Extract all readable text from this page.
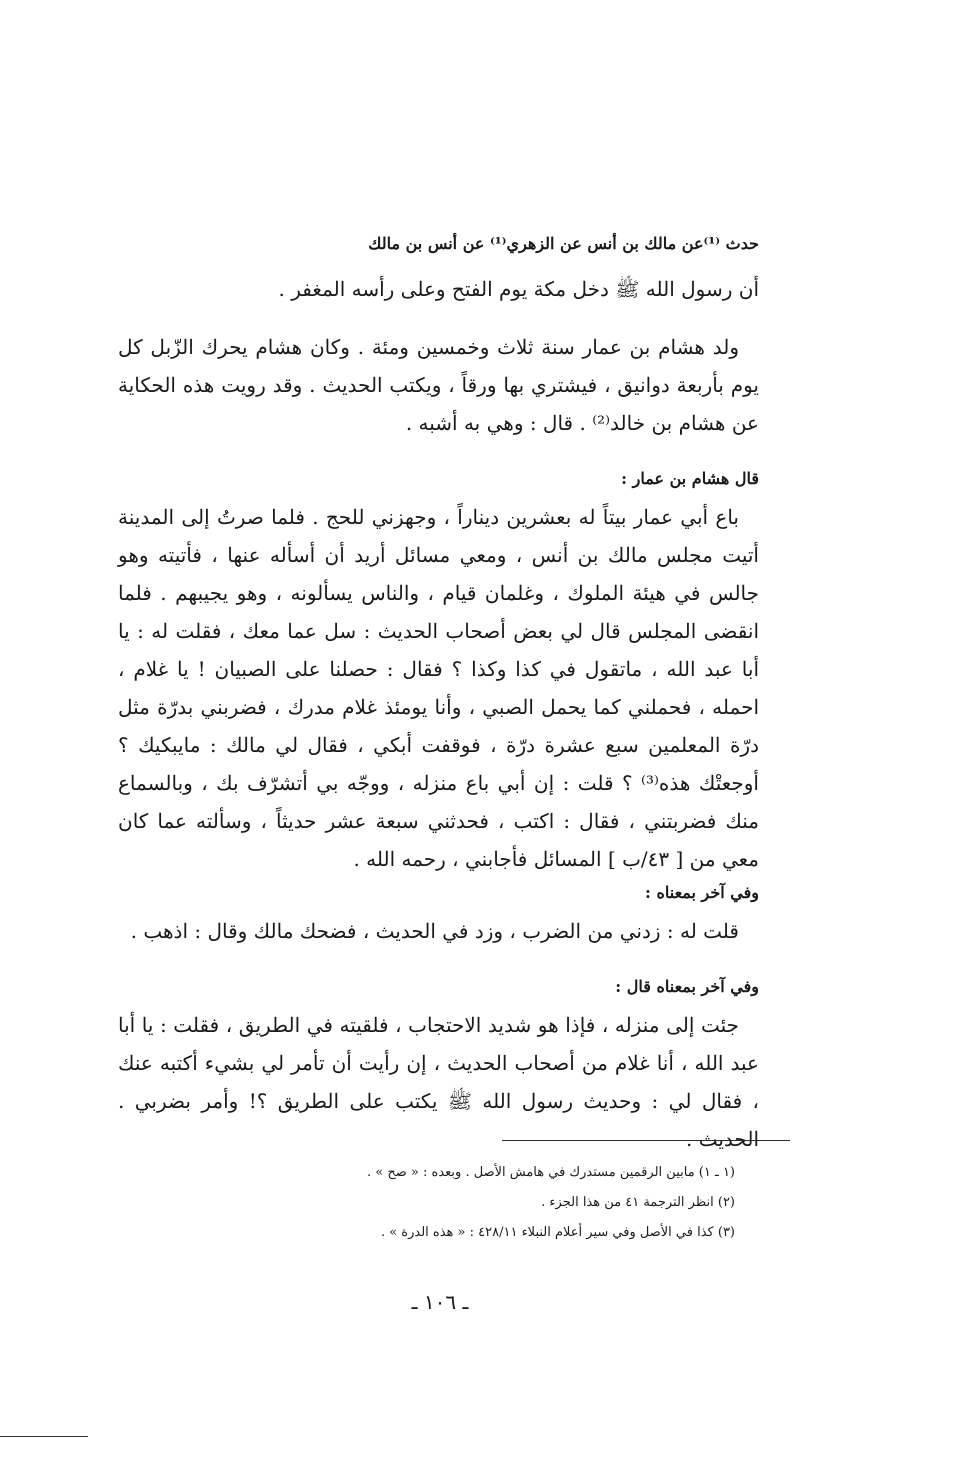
حدث ⁽¹⁾عن مالك بن أنس عن الزهري⁽¹⁾ عن أنس بن مالك
أن رسول الله ﷺ دخل مكة يوم الفتح وعلى رأسه المغفر .
ولد هشام بن عمار سنة ثلاث وخمسين ومئة . وكان هشام يحرك الزّبل كل يوم بأربعة دوانيق ، فيشتري بها ورقاً ، ويكتب الحديث . وقد رويت هذه الحكاية عن هشام بن خالد⁽²⁾ . قال : وهي به أشبه .
قال هشام بن عمار :
باع أبي عمار بيتاً له بعشرين ديناراً ، وجهزني للحج . فلما صرتُ إلى المدينة أتيت مجلس مالك بن أنس ، ومعي مسائل أريد أن أسأله عنها ، فأتيته وهو جالس في هيئة الملوك ، وغلمان قيام ، والناس يسألونه ، وهو يجيبهم . فلما انقضى المجلس قال لي بعض أصحاب الحديث : سل عما معك ، فقلت له : يا أبا عبد الله ، ماتقول في كذا وكذا ؟ فقال : حصلنا على الصبيان ! يا غلام ، احمله ، فحملني كما يحمل الصبي ، وأنا يومئذ غلام مدرك ، فضربني بدرّة مثل درّة المعلمين سبع عشرة درّة ، فوقفت أبكي ، فقال لي مالك : مايبكيك ؟ أوجعتْك هذه⁽³⁾ ؟ قلت : إن أبي باع منزله ، ووجّه بي أتشرّف بك ، وبالسماع منك فضربتني ، فقال : اكتب ، فحدثني سبعة عشر حديثاً ، وسألته عما كان معي من [ ٤٣/ب ] المسائل فأجابني ، رحمه الله .
وفي آخر بمعناه :
قلت له : زدني من الضرب ، وزد في الحديث ، فضحك مالك وقال : اذهب .
وفي آخر بمعناه قال :
جئت إلى منزله ، فإذا هو شديد الاحتجاب ، فلقيته في الطريق ، فقلت : يا أبا عبد الله ، أنا غلام من أصحاب الحديث ، إن رأيت أن تأمر لي بشيء أكتبه عنك ، فقال لي : وحديث رسول الله ﷺ يكتب على الطريق ؟! وأمر بضربي . الحديث .
(١ ـ ١) مابين الرقمين مستدرك في هامش الأصل . وبعده : « صح » .
(٢) انظر الترجمة ٤١ من هذا الجزء .
(٣) كذا في الأصل وفي سير أعلام النبلاء ٤٢٨/١١ : « هذه الدرة » .
ـ ١٠٦ ـ
